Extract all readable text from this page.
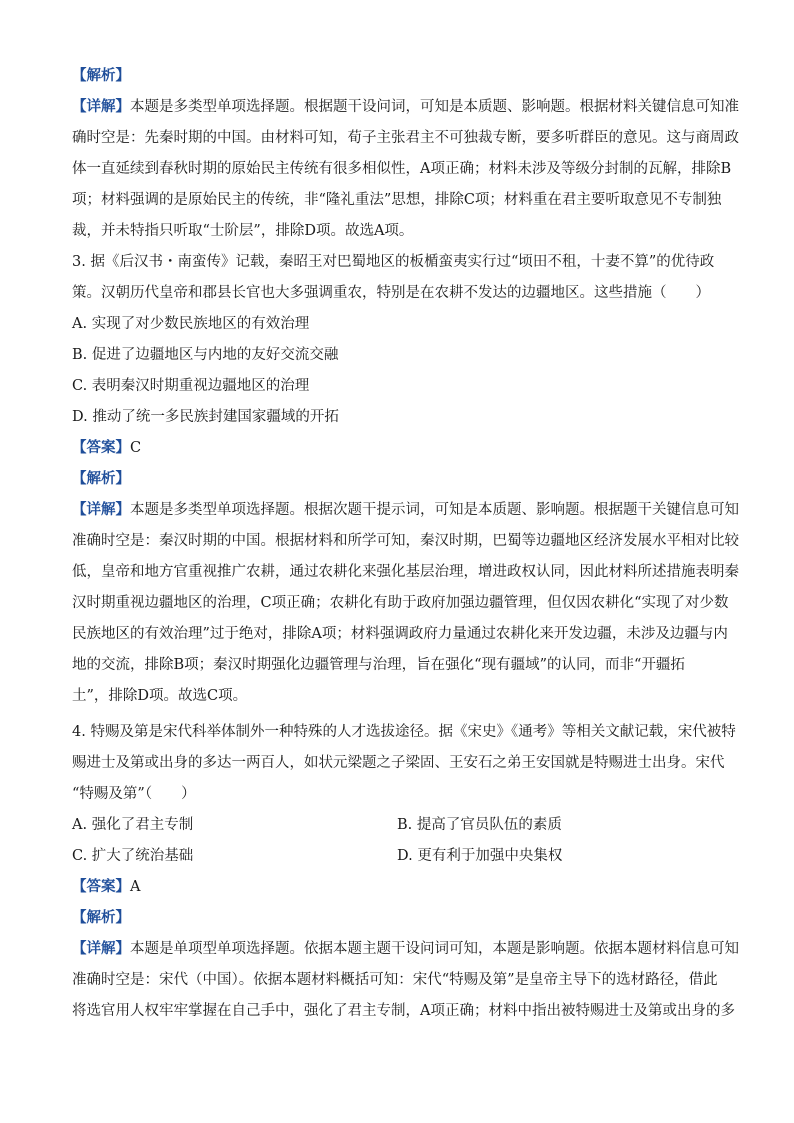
【解析】
【详解】本题是多类型单项选择题。根据题干设问词，可知是本质题、影响题。根据材料关键信息可知准
确时空是：先秦时期的中国。由材料可知，荀子主张君主不可独裁专断，要多听群臣的意见。这与商周政
体一直延续到春秋时期的原始民主传统有很多相似性，A项正确；材料未涉及等级分封制的瓦解，排除B
项；材料强调的是原始民主的传统，非“隆礼重法”思想，排除C项；材料重在君主要听取意见不专制独
裁，并未特指只听取“士阶层”，排除D项。故选A项。
3. 据《后汉书・南蛮传》记载，秦昭王对巴蜀地区的板楯蛮夷实行过“顷田不租，十妻不算”的优待政
策。汉朝历代皇帝和郡县长官也大多强调重农，特别是在农耕不发达的边疆地区。这些措施（　　）
A. 实现了对少数民族地区的有效治理
B. 促进了边疆地区与内地的友好交流交融
C. 表明秦汉时期重视边疆地区的治理
D. 推动了统一多民族封建国家疆域的开拓
【答案】C
【解析】
【详解】本题是多类型单项选择题。根据次题干提示词，可知是本质题、影响题。根据题干关键信息可知
准确时空是：秦汉时期的中国。根据材料和所学可知，秦汉时期，巴蜀等边疆地区经济发展水平相对比较
低，皇帝和地方官重视推广农耕，通过农耕化来强化基层治理，增进政权认同，因此材料所述措施表明秦
汉时期重视边疆地区的治理，C项正确；农耕化有助于政府加强边疆管理，但仅因农耕化“实现了对少数
民族地区的有效治理”过于绝对，排除A项；材料强调政府力量通过农耕化来开发边疆，未涉及边疆与内
地的交流，排除B项；秦汉时期强化边疆管理与治理，旨在强化“现有疆域”的认同，而非“开疆拓
土”，排除D项。故选C项。
4. 特赐及第是宋代科举体制外一种特殊的人才选拔途径。据《宋史》《通考》等相关文献记载，宋代被特
赐进士及第或出身的多达一两百人，如状元梁题之子梁固、王安石之弟王安国就是特赐进士出身。宋代
“特赐及第”（　　）
A. 强化了君主专制	B. 提高了官员队伍的素质
C. 扩大了统治基础	D. 更有利于加强中央集权
【答案】A
【解析】
【详解】本题是单项型单项选择题。依据本题主题干设问词可知，本题是影响题。依据本题材料信息可知
准确时空是：宋代（中国）。依据本题材料概括可知：宋代“特赐及第”是皇帝主导下的选材路径，借此
将选官用人权牢牢掌握在自己手中，强化了君主专制，A项正确；材料中指出被特赐进士及第或出身的多
